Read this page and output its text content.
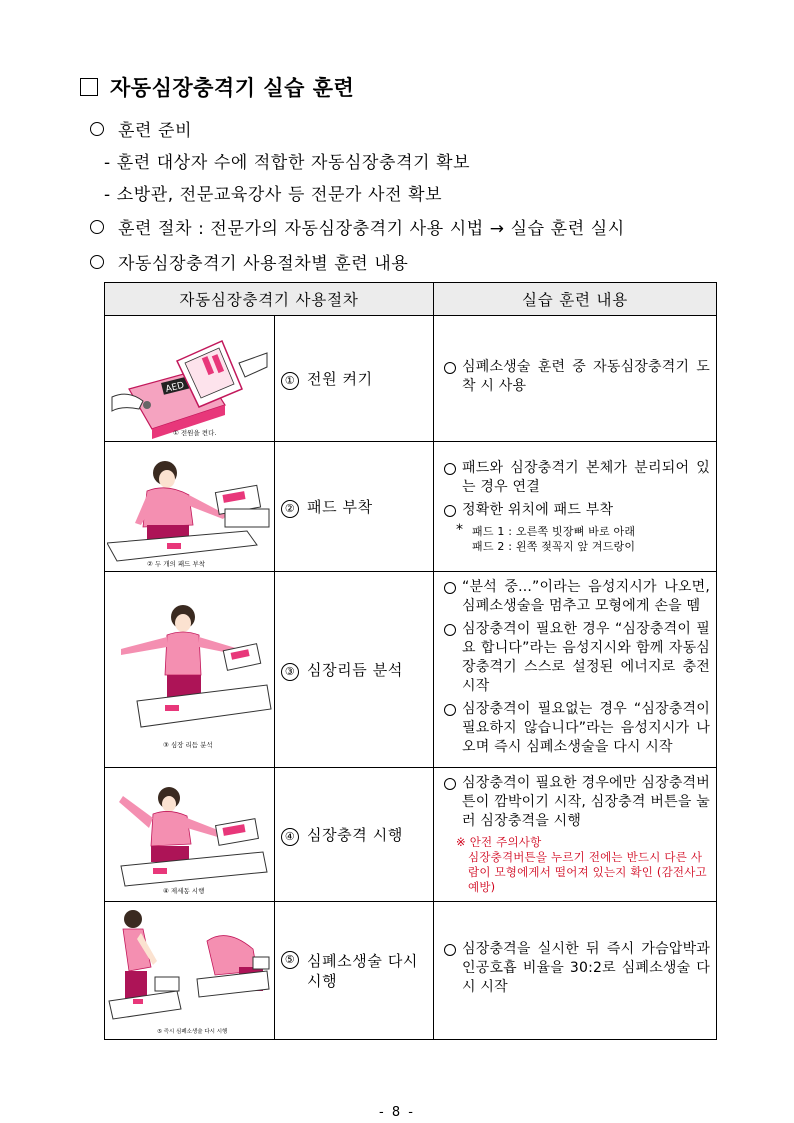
자동심장충격기 실습 훈련
훈련 준비
- 훈련 대상자 수에 적합한 자동심장충격기 확보
- 소방관, 전문교육강사 등 전문가 사전 확보
훈련 절차 : 전문가의 자동심장충격기 사용 시법 → 실습 훈련 실시
자동심장충격기 사용절차별 훈련 내용
자동심장충격기 사용절차		실습 훈련 내용

AED
① 전원을 켠다.	① 전원 켜기	심폐소생술 훈련 중 자동심장충격기 도착 시 사용

② 두 개의 패드 부착	② 패드 부착	패드와 심장충격기 본체가 분리되어 있는 경우 연결
정확한 위치에 패드 부착
* 패드 1 : 오른쪽 빗장뼈 바로 아래
패드 2 : 왼쪽 젖꼭지 앞 겨드랑이

③ 심장 리듬 분석	③ 심장리듬 분석	“분석 중...”이라는 음성지시가 나오면, 심폐소생술을 멈추고 모형에게 손을 뗌
심장충격이 필요한 경우 “심장충격이 필요 합니다”라는 음성지시와 함께 자동심장충격기 스스로 설정된 에너지로 충전 시작
심장충격이 필요없는 경우 “심장충격이 필요하지 않습니다”라는 음성지시가 나오며 즉시 심폐소생술을 다시 시작

④ 제세동 시행	④ 심장충격 시행	심장충격이 필요한 경우에만 심장충격버튼이 깜박이기 시작, 심장충격 버튼을 눌러 심장충격을 시행
※ 안전 주의사항
심장충격버튼을 누르기 전에는 반드시 다른 사람이 모형에게서 떨어져 있는지 확인 (감전사고 예방)

⑤ 즉시 심폐소생술 다시 시행	⑤ 심폐소생술 다시 시행	심장충격을 실시한 뒤 즉시 가슴압박과 인공호흡 비율을 30:2로 심폐소생술 다시 시작
- 8 -
